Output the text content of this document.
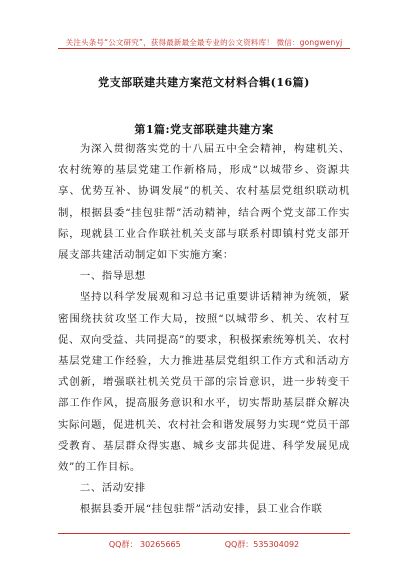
关注头条号“公文研究”，获得最新最全最专业的公文资料库！ 微信：gongwenyj
党支部联建共建方案范文材料合辑(16篇)
第1篇:党支部联建共建方案

为深入贯彻落实党的十八届五中全会精神，构建机关、农村统筹的基层党建工作新格局，形成“以城带乡、资源共享、优势互补、协调发展”的机关、农村基层党组织联动机制，根据县委“挂包驻帮”活动精神，结合两个党支部工作实际，现就县工业合作联社机关支部与联系村即镇村党支部开展支部共建活动制定如下实施方案：

一、指导思想

坚持以科学发展观和习总书记重要讲话精神为统领，紧密围绕扶贫攻坚工作大局，按照“以城带乡、机关、农村互促、双向受益、共同提高”的要求，积极探索统筹机关、农村基层党建工作经验，大力推进基层党组织工作方式和活动方式创新，增强联社机关党员干部的宗旨意识，进一步转变干部工作作风，提高服务意识和水平，切实帮助基层群众解决实际问题，促进机关、农村社会和谐发展努力实现“党员干部受教育、基层群众得实惠、城乡支部共促进、科学发展见成效”的工作目标。

二、活动安排

根据县委开展“挂包驻帮”活动安排，县工业合作联

QQ群： 30265665	QQ群：535304092
